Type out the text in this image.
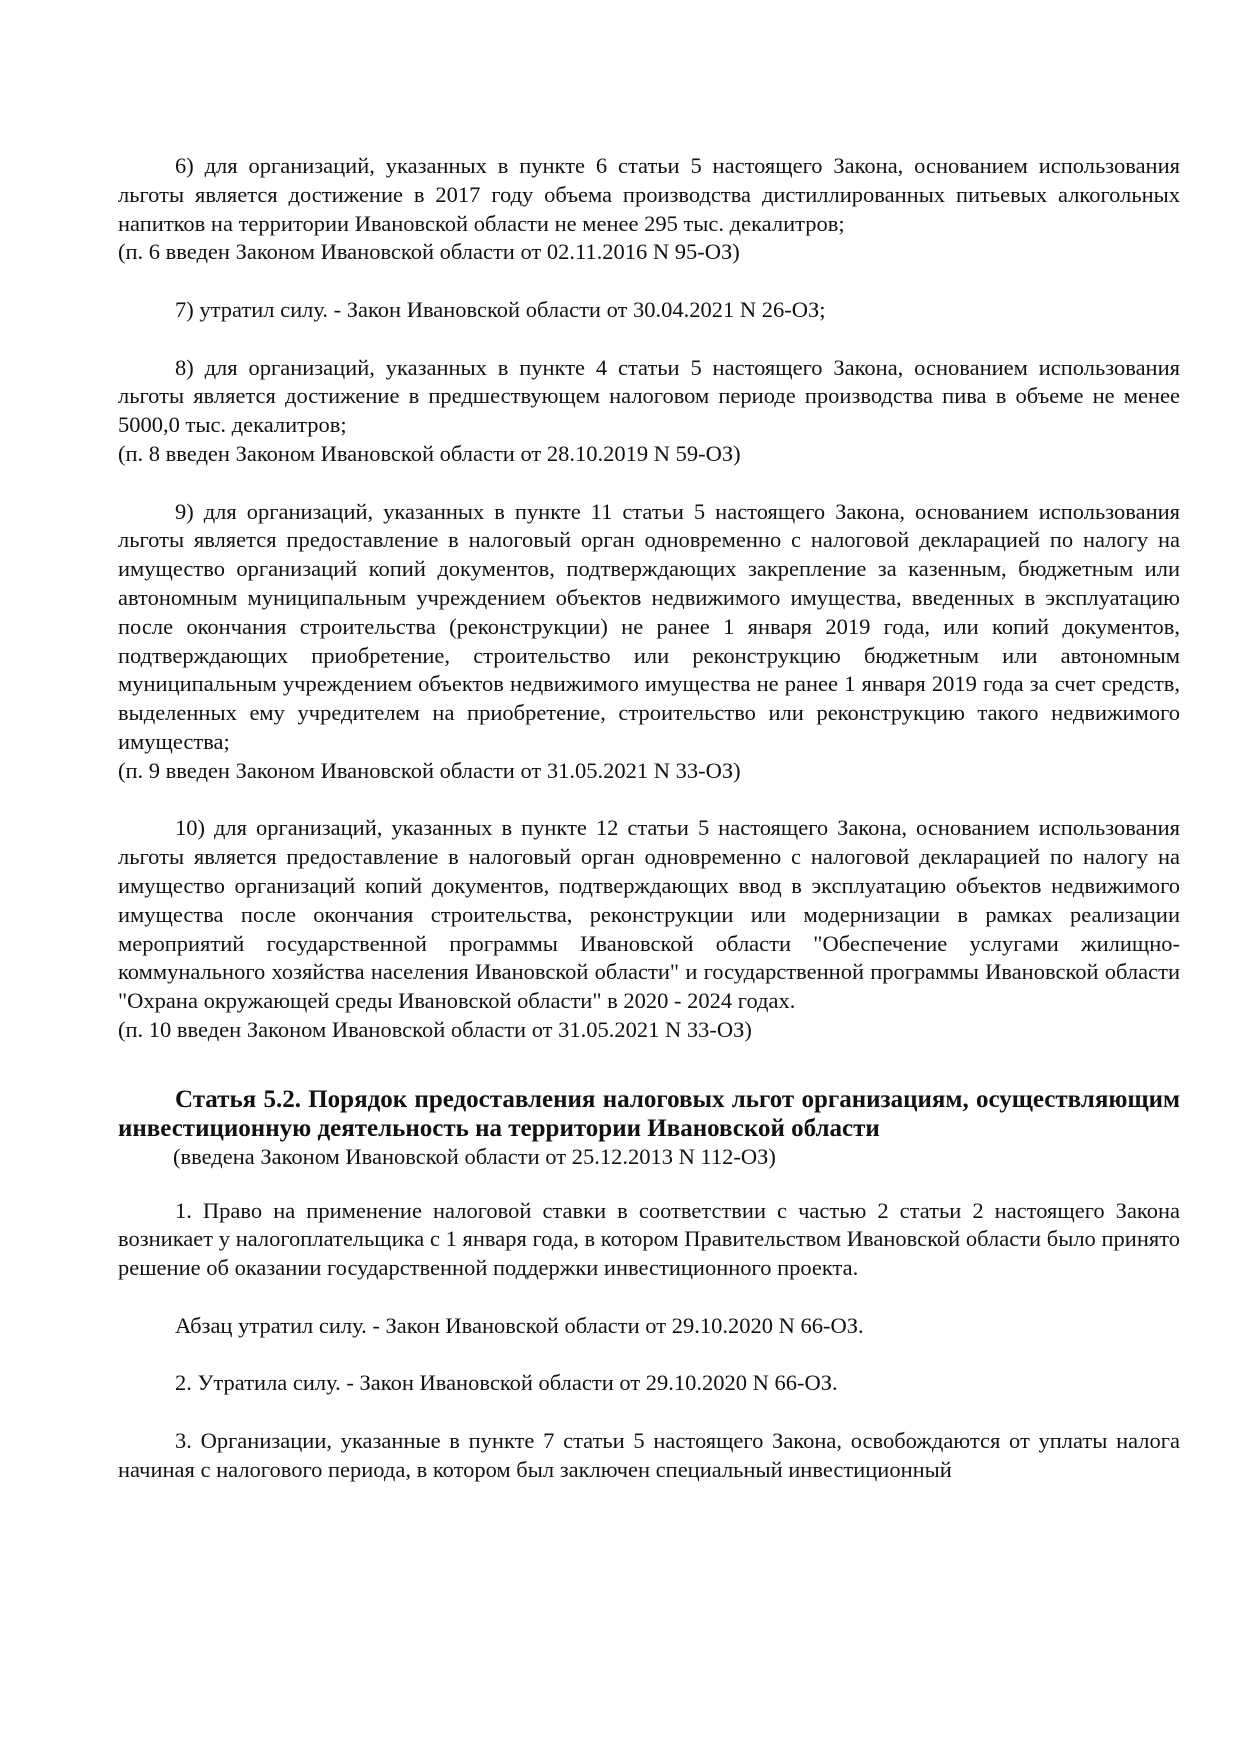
6) для организаций, указанных в пункте 6 статьи 5 настоящего Закона, основанием использования льготы является достижение в 2017 году объема производства дистиллированных питьевых алкогольных напитков на территории Ивановской области не менее 295 тыс. декалитров;

(п. 6 введен Законом Ивановской области от 02.11.2016 N 95-ОЗ)

7) утратил силу. - Закон Ивановской области от 30.04.2021 N 26-ОЗ;

8) для организаций, указанных в пункте 4 статьи 5 настоящего Закона, основанием использования льготы является достижение в предшествующем налоговом периоде производства пива в объеме не менее 5000,0 тыс. декалитров;

(п. 8 введен Законом Ивановской области от 28.10.2019 N 59-ОЗ)

9) для организаций, указанных в пункте 11 статьи 5 настоящего Закона, основанием использования льготы является предоставление в налоговый орган одновременно с налоговой декларацией по налогу на имущество организаций копий документов, подтверждающих закрепление за казенным, бюджетным или автономным муниципальным учреждением объектов недвижимого имущества, введенных в эксплуатацию после окончания строительства (реконструкции) не ранее 1 января 2019 года, или копий документов, подтверждающих приобретение, строительство или реконструкцию бюджетным или автономным муниципальным учреждением объектов недвижимого имущества не ранее 1 января 2019 года за счет средств, выделенных ему учредителем на приобретение, строительство или реконструкцию такого недвижимого имущества;

(п. 9 введен Законом Ивановской области от 31.05.2021 N 33-ОЗ)

10) для организаций, указанных в пункте 12 статьи 5 настоящего Закона, основанием использования льготы является предоставление в налоговый орган одновременно с налоговой декларацией по налогу на имущество организаций копий документов, подтверждающих ввод в эксплуатацию объектов недвижимого имущества после окончания строительства, реконструкции или модернизации в рамках реализации мероприятий государственной программы Ивановской области "Обеспечение услугами жилищно-коммунального хозяйства населения Ивановской области" и государственной программы Ивановской области "Охрана окружающей среды Ивановской области" в 2020 - 2024 годах.

(п. 10 введен Законом Ивановской области от 31.05.2021 N 33-ОЗ)

Статья 5.2. Порядок предоставления налоговых льгот организациям, осуществляющим инвестиционную деятельность на территории Ивановской области

(введена Законом Ивановской области от 25.12.2013 N 112-ОЗ)

1. Право на применение налоговой ставки в соответствии с частью 2 статьи 2 настоящего Закона возникает у налогоплательщика с 1 января года, в котором Правительством Ивановской области было принято решение об оказании государственной поддержки инвестиционного проекта.

Абзац утратил силу. - Закон Ивановской области от 29.10.2020 N 66-ОЗ.

2. Утратила силу. - Закон Ивановской области от 29.10.2020 N 66-ОЗ.

3. Организации, указанные в пункте 7 статьи 5 настоящего Закона, освобождаются от уплаты налога начиная с налогового периода, в котором был заключен специальный инвестиционный
